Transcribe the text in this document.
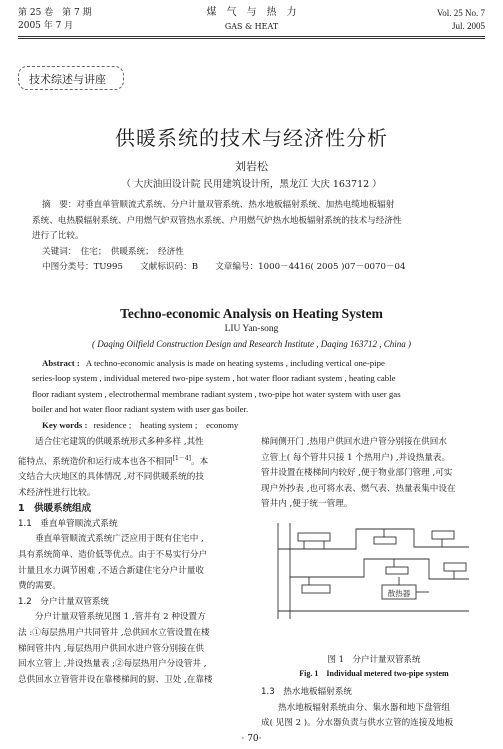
第 25 卷　第 7 期
2005 年 7 月
煤　气　与　热　力
GAS & HEAT
Vol. 25 No. 7
Jul. 2005
技术综述与讲座
供暖系统的技术与经济性分析
刘岩松
（ 大庆油田设计院 民用建筑设计所，黑龙江 大庆 163712 ）
摘　要：对垂直单管顺流式系统、分户计量双管系统、热水地板辐射系统、加热电缆地板辐射
系统、电热膜辐射系统、户用燃气炉双管热水系统、户用燃气炉热水地板辐射系统的技术与经济性
进行了比较。
关键词：　住宅；　供暖系统；　经济性
中图分类号：TU995　　文献标识码：B　　文章编号：1000－4416( 2005 )07－0070－04
Techno-economic Analysis on Heating System
LIU Yan-song
( Daqing Oilfield Construction Design and Research Institute , Daqing 163712 , China )
Abstract : A techno-economic analysis is made on heating systems , including vertical one-pipe
series-loop system , individual metered two-pipe system , hot water floor radiant system , heating cable
floor radiant system , electrothermal membrane radiant system , two-pipe hot water system with user gas
boiler and hot water floor radiant system with user gas boiler.
Key words : residence ;　heating system ;　economy
适合住宅建筑的供暖系统形式多种多样 ,其性
能特点、系统造价和运行成本也各不相同[1－4]。本
文结合大庆地区的具体情况 ,对不同供暖系统的技
术经济性进行比较。
1　供暖系统组成
1.1　垂直单管顺流式系统
垂直单管顺流式系统广泛应用于既有住宅中 ,
具有系统简单、造价低等优点。由于不易实行分户
计量且水力调节困难 ,不适合新建住宅分户计量收
费的需要。
1.2　分户计量双管系统
分户计量双管系统见图 1 ,管井有 2 种设置方
法 :①每层热用户共同管井 ,总供回水立管设置在楼
梯间管井内 ,每层热用户供回水进户管分别接在供
回水立管上 ,并设热量表 ;②每层热用户分设管井 ,
总供回水立管管井设在靠楼梯间的厨、卫处 ,在靠楼
梯间侧开门 ,热用户供回水进户管分别接在供回水
立管上( 每个管井只接 1 个热用户) ,并设热量表。
管井设置在楼梯间内较好 ,便于物业部门管理 ,可实
现户外抄表 ,也可将水表、燃气表、热量表集中设在
管井内 ,便于统一管理。
散热器
图 1　分户计量双管系统
Fig. 1　Individual metered two-pipe system
1.3　热水地板辐射系统
热水地板辐射系统由分、集水器和地下盘管组
成( 见图 2 )。分水器负责与供水立管的连接及地板
· 70·
